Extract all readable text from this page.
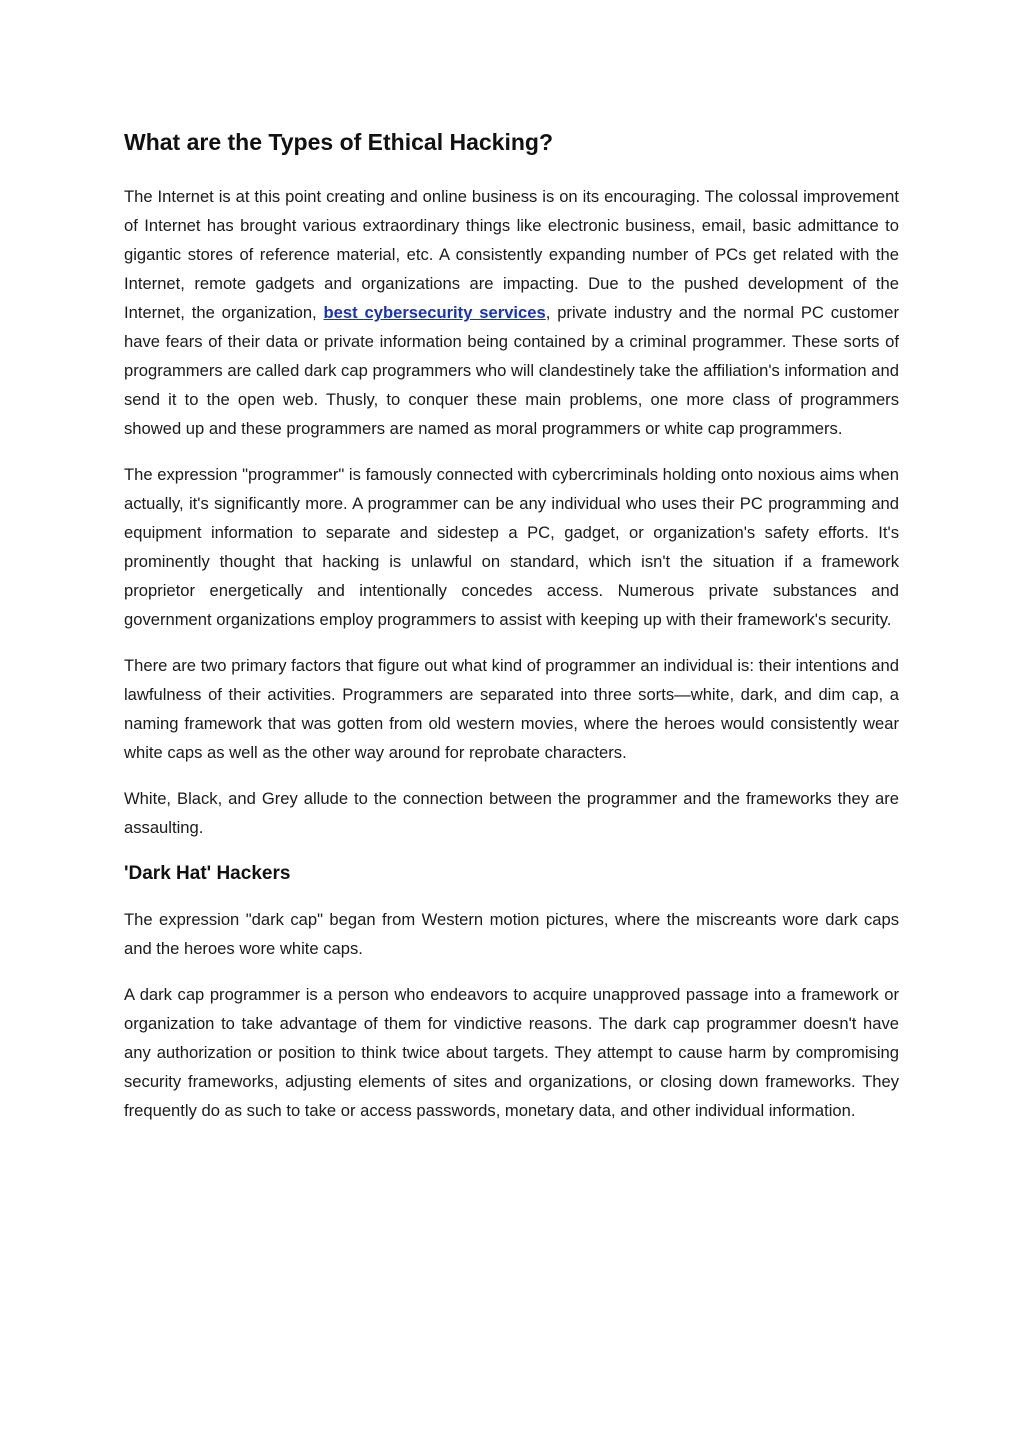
What are the Types of Ethical Hacking?

The Internet is at this point creating and online business is on its encouraging. The colossal improvement of Internet has brought various extraordinary things like electronic business, email, basic admittance to gigantic stores of reference material, etc. A consistently expanding number of PCs get related with the Internet, remote gadgets and organizations are impacting. Due to the pushed development of the Internet, the organization, best cybersecurity services, private industry and the normal PC customer have fears of their data or private information being contained by a criminal programmer. These sorts of programmers are called dark cap programmers who will clandestinely take the affiliation's information and send it to the open web. Thusly, to conquer these main problems, one more class of programmers showed up and these programmers are named as moral programmers or white cap programmers.

The expression "programmer" is famously connected with cybercriminals holding onto noxious aims when actually, it's significantly more. A programmer can be any individual who uses their PC programming and equipment information to separate and sidestep a PC, gadget, or organization's safety efforts. It's prominently thought that hacking is unlawful on standard, which isn't the situation if a framework proprietor energetically and intentionally concedes access. Numerous private substances and government organizations employ programmers to assist with keeping up with their framework's security.

There are two primary factors that figure out what kind of programmer an individual is: their intentions and lawfulness of their activities. Programmers are separated into three sorts—white, dark, and dim cap, a naming framework that was gotten from old western movies, where the heroes would consistently wear white caps as well as the other way around for reprobate characters.

White, Black, and Grey allude to the connection between the programmer and the frameworks they are assaulting.

'Dark Hat' Hackers

The expression "dark cap" began from Western motion pictures, where the miscreants wore dark caps and the heroes wore white caps.

A dark cap programmer is a person who endeavors to acquire unapproved passage into a framework or organization to take advantage of them for vindictive reasons. The dark cap programmer doesn't have any authorization or position to think twice about targets. They attempt to cause harm by compromising security frameworks, adjusting elements of sites and organizations, or closing down frameworks. They frequently do as such to take or access passwords, monetary data, and other individual information.
